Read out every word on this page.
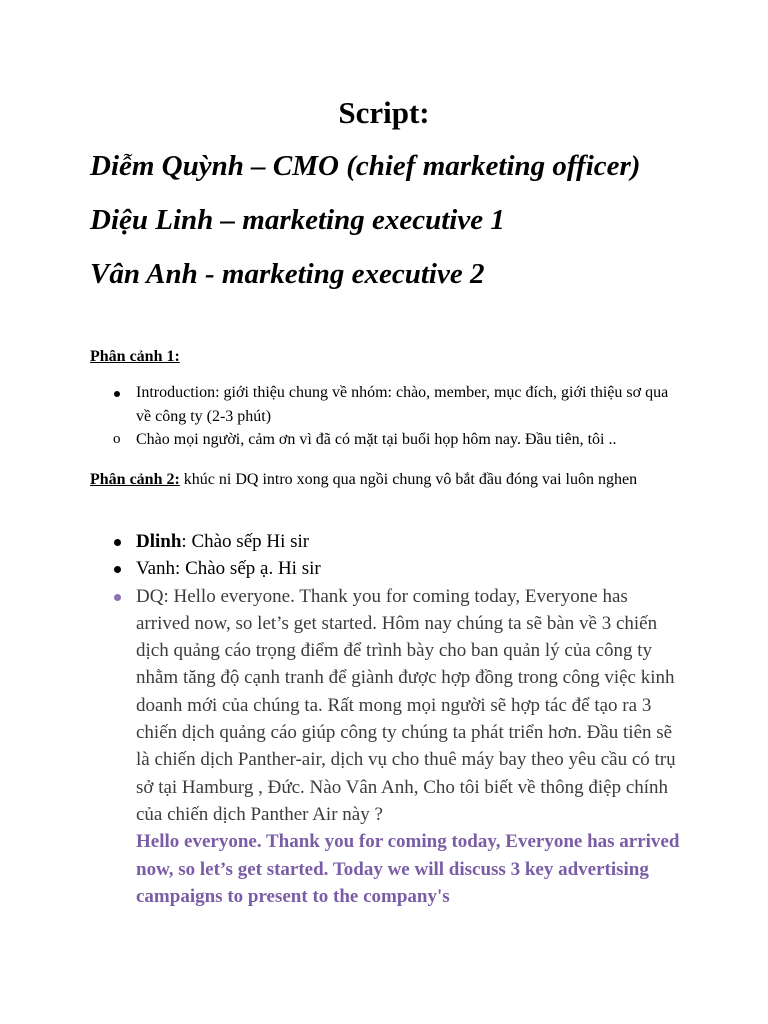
Script:

Diễm Quỳnh – CMO (chief marketing officer)

Diệu Linh – marketing executive 1

Vân Anh - marketing executive 2

Phân cảnh 1:

Introduction: giới thiệu chung về nhóm: chào, member, mục đích, giới thiệu sơ qua về công ty (2-3 phút)
o Chào mọi người, cảm ơn vì đã có mặt tại buổi họp hôm nay. Đầu tiên, tôi ..

Phân cảnh 2: khúc ni DQ intro xong qua ngồi chung vô bắt đầu đóng vai luôn nghen

Dlinh: Chào sếp Hi sir
Vanh: Chào sếp ạ. Hi sir
DQ: Hello everyone. Thank you for coming today, Everyone has arrived now, so let’s get started. Hôm nay chúng ta sẽ bàn về 3 chiến dịch quảng cáo trọng điểm để trình bày cho ban quản lý của công ty nhằm tăng độ cạnh tranh để giành được hợp đồng trong công việc kinh doanh mới của chúng ta. Rất mong mọi người sẽ hợp tác để tạo ra 3 chiến dịch quảng cáo giúp công ty chúng ta phát triển hơn. Đầu tiên sẽ là chiến dịch Panther-air, dịch vụ cho thuê máy bay theo yêu cầu có trụ sở tại Hamburg , Đức. Nào Vân Anh, Cho tôi biết về thông điệp chính của chiến dịch Panther Air này ?
Hello everyone. Thank you for coming today, Everyone has arrived now, so let’s get started. Today we will discuss 3 key advertising campaigns to present to the company's
